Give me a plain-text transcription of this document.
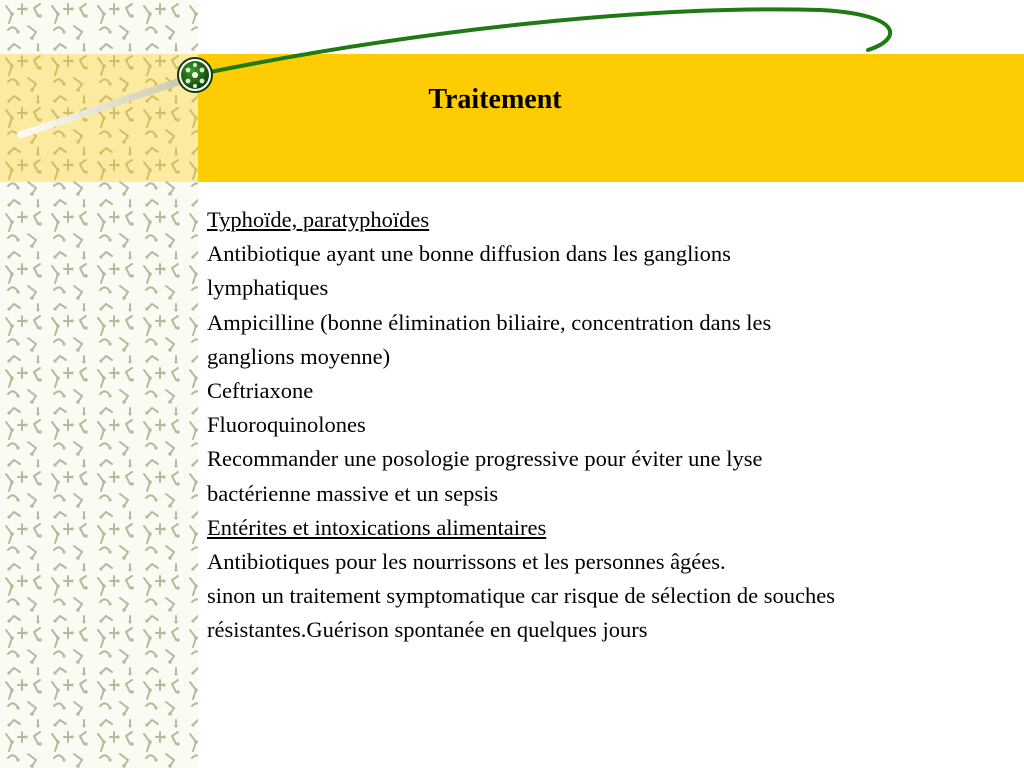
Traitement
Typhoïde, paratyphoïdes
Antibiotique ayant une bonne diffusion dans les ganglions
lymphatiques
Ampicilline (bonne élimination biliaire, concentration dans les
ganglions moyenne)
Ceftriaxone
Fluoroquinolones
Recommander une posologie progressive pour éviter une lyse
bactérienne massive et un sepsis
Entérites et intoxications alimentaires
Antibiotiques pour les nourrissons et les personnes âgées.
sinon un traitement symptomatique car risque de sélection de souches
résistantes.Guérison spontanée en quelques jours
